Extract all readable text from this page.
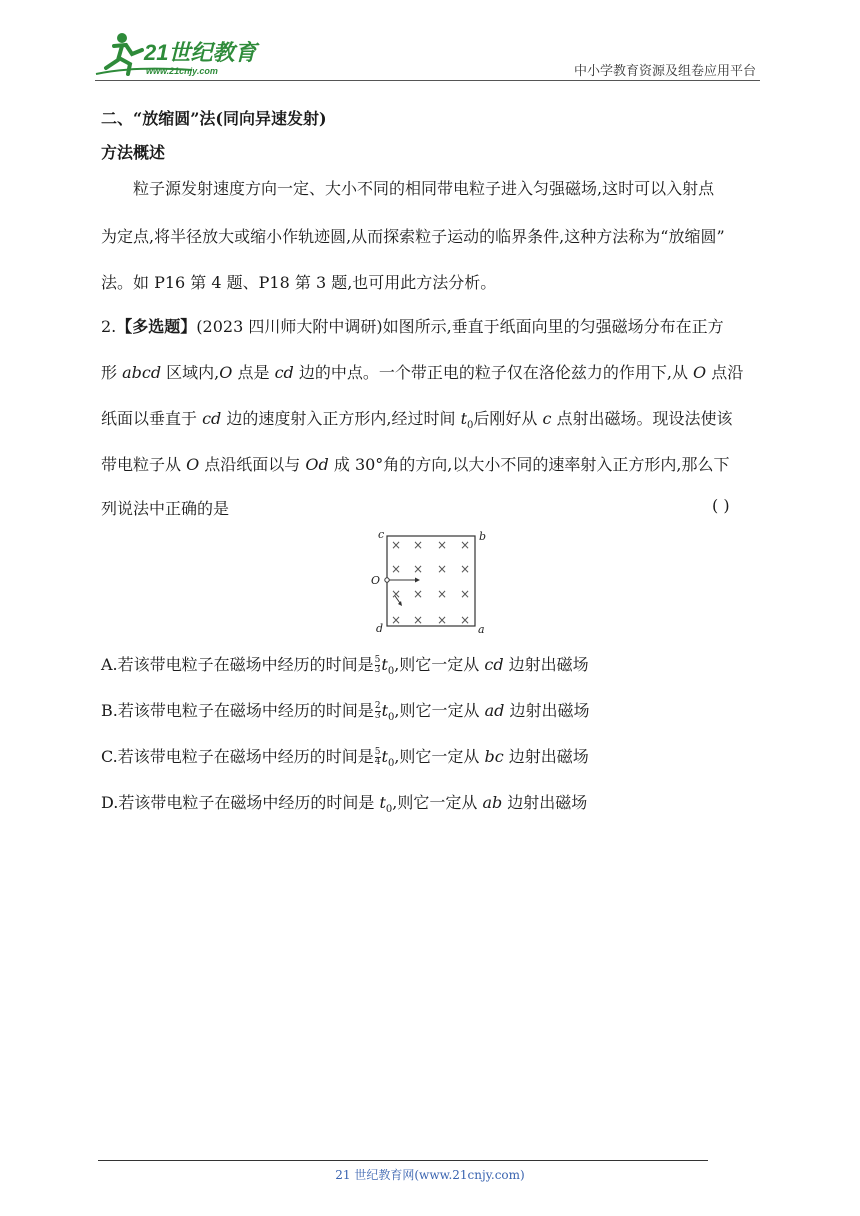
21世纪教育
www.21cnjy.com	中小学教育资源及组卷应用平台
二、“放缩圆”法(同向异速发射)
方法概述
粒子源发射速度方向一定、大小不同的相同带电粒子进入匀强磁场,这时可以入射点
为定点,将半径放大或缩小作轨迹圆,从而探索粒子运动的临界条件,这种方法称为“放缩圆”
法。如 P16 第 4 题、P18 第 3 题,也可用此方法分析。
2.【多选题】(2023 四川师大附中调研)如图所示,垂直于纸面向里的匀强磁场分布在正方
形 abcd 区域内,O 点是 cd 边的中点。一个带正电的粒子仅在洛伦兹力的作用下,从 O 点沿
纸面以垂直于 cd 边的速度射入正方形内,经过时间 $t_0$后刚好从 c 点射出磁场。现设法使该
带电粒子从 O 点沿纸面以与 Od 成 30°角的方向,以大小不同的速率射入正方形内,那么下
列说法中正确的是	( )
× × × ×
× × × ×
× × × ×
× × × ×
c	b
O
d	a
A.若该带电粒子在磁场中经历的时间是 $\frac{5}{3} t_0$,则它一定从 cd 边射出磁场
B.若该带电粒子在磁场中经历的时间是 $\frac{2}{3} t_0$,则它一定从 ad 边射出磁场
C.若该带电粒子在磁场中经历的时间是 $\frac{5}{4} t_0$,则它一定从 bc 边射出磁场
D.若该带电粒子在磁场中经历的时间是 $t_0$,则它一定从 ab 边射出磁场
21 世纪教育网(www.21cnjy.com)
